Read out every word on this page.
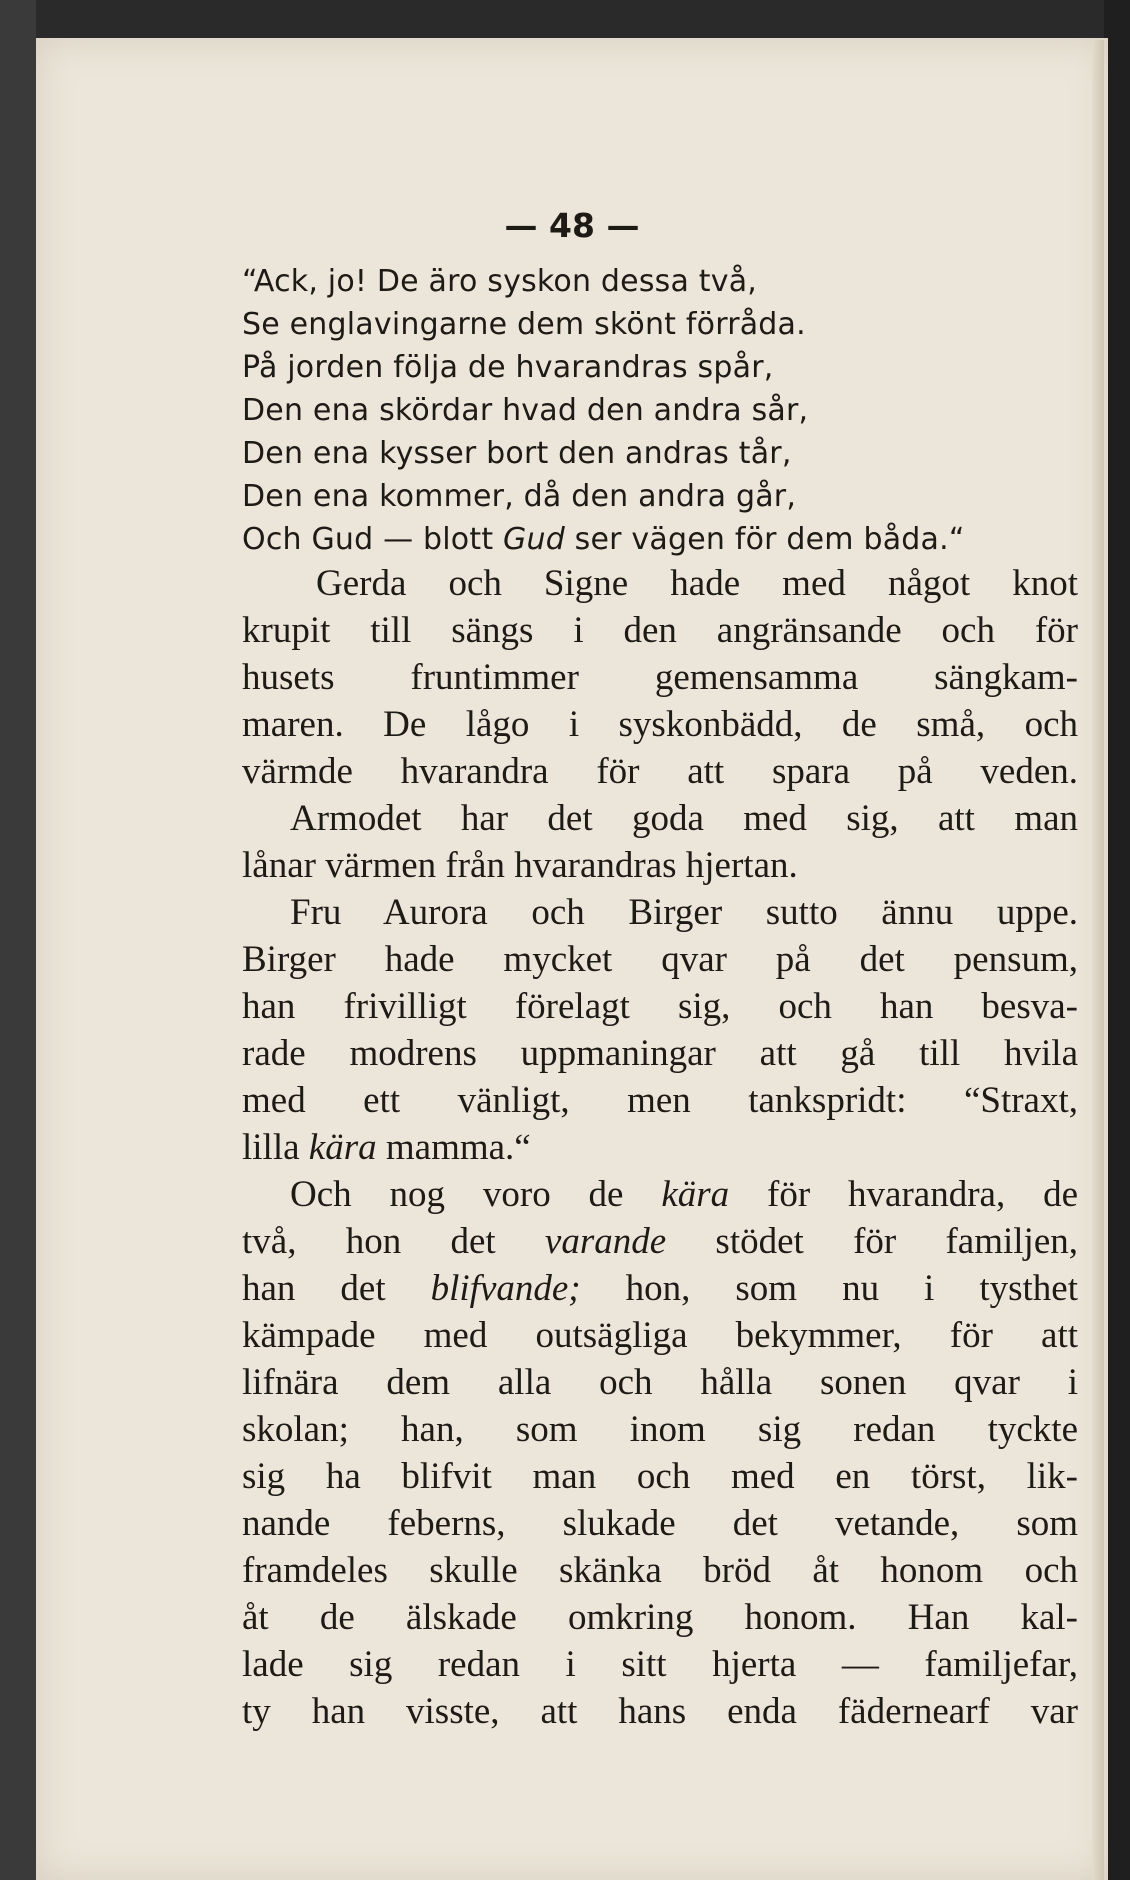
— 48 —
“Ack, jo! De äro syskon dessa två,
Se englavingarne dem skönt förråda.
På jorden följa de hvarandras spår,
Den ena skördar hvad den andra sår,
Den ena kysser bort den andras tår,
Den ena kommer, då den andra går,
Och Gud — blott Gud ser vägen för dem båda.“
Gerda och Signe hade med något knot
krupit till sängs i den angränsande och för
husets fruntimmer gemensamma sängkam-
maren. De lågo i syskonbädd, de små, och
värmde hvarandra för att spara på veden.
Armodet har det goda med sig, att man
lånar värmen från hvarandras hjertan.
Fru Aurora och Birger sutto ännu uppe.
Birger hade mycket qvar på det pensum,
han frivilligt förelagt sig, och han besva-
rade modrens uppmaningar att gå till hvila
med ett vänligt, men tankspridt: “Straxt,
lilla kära mamma.“
Och nog voro de kära för hvarandra, de
två, hon det varande stödet för familjen,
han det blifvande; hon, som nu i tysthet
kämpade med outsägliga bekymmer, för att
lifnära dem alla och hålla sonen qvar i
skolan; han, som inom sig redan tyckte
sig ha blifvit man och med en törst, lik-
nande feberns, slukade det vetande, som
framdeles skulle skänka bröd åt honom och
åt de älskade omkring honom. Han kal-
lade sig redan i sitt hjerta — familjefar,
ty han visste, att hans enda fädernearf var
